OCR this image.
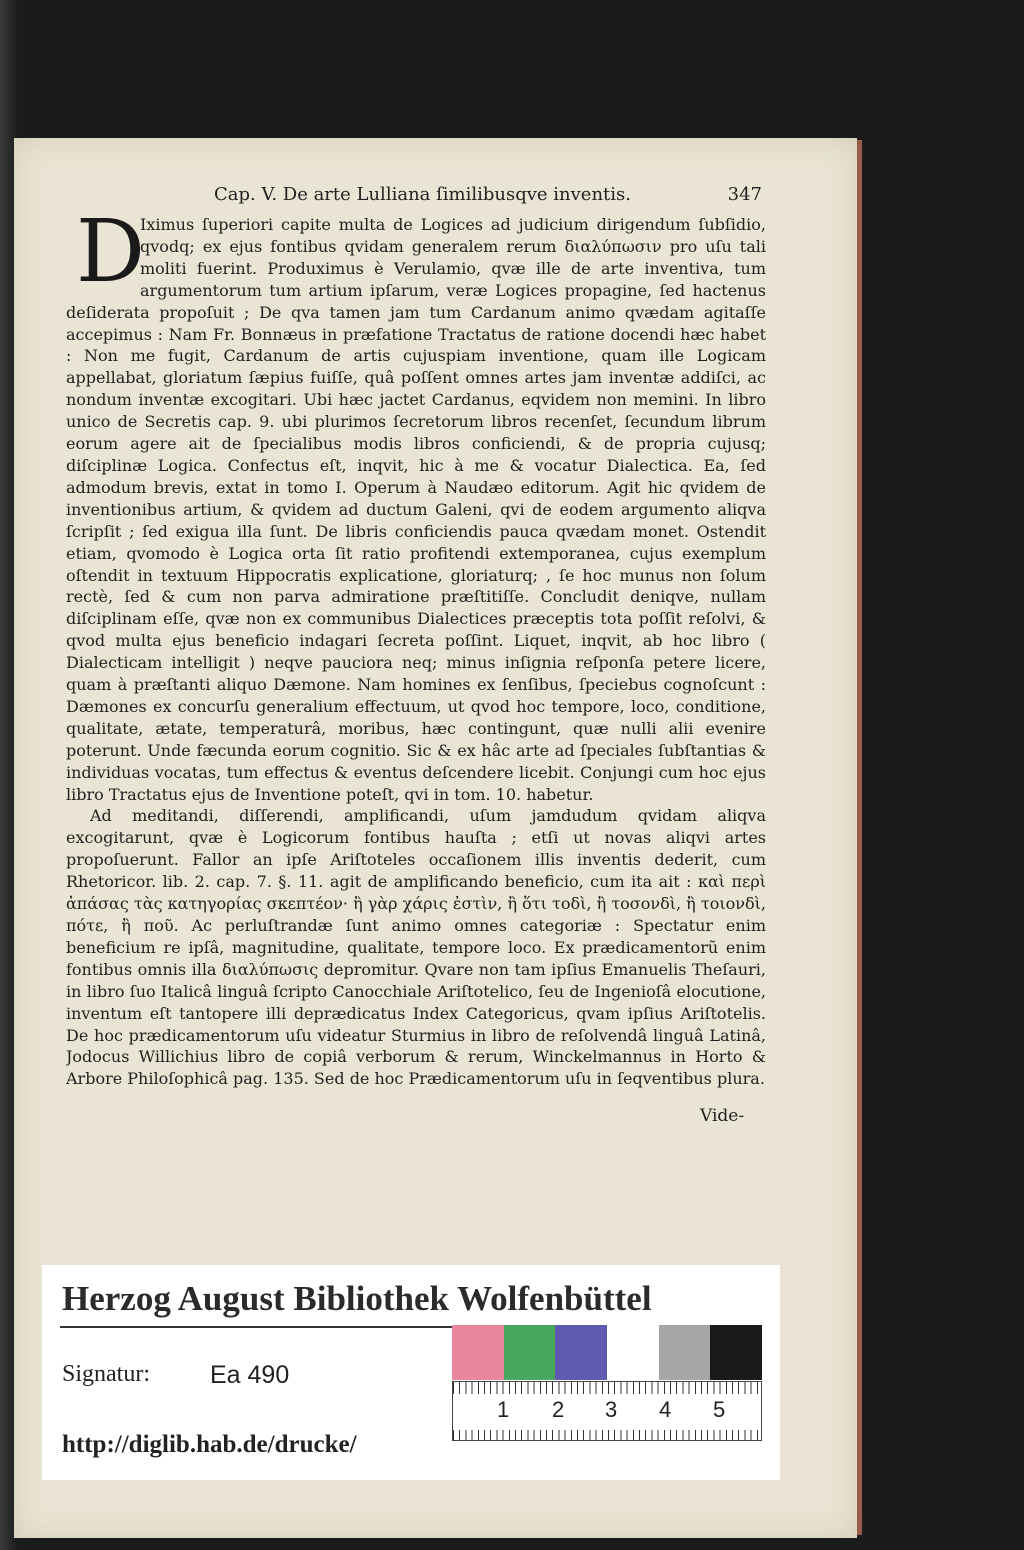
Cap. V. De arte Lulliana ſimilibusqve inventis.	347
D

Iximus ſuperiori capite multa de Logices ad judicium dirigendum ſubſidio, qvodq; ex ejus fontibus qvidam generalem rerum διαλύπωσιν pro uſu tali moliti fuerint. Produximus è Verulamio, qvæ ille de arte inventiva, tum argumentorum tum artium ipſarum, veræ Logices propagine, ſed hactenus deſiderata propoſuit ; De qva tamen jam tum Cardanum animo qvædam agitaſſe accepimus : Nam Fr. Bonnæus in præfatione Tractatus de ratione docendi hæc habet : Non me fugit, Cardanum de artis cujuspiam inventione, quam ille Logicam appellabat, gloriatum ſæpius fuiſſe, quâ poſſent omnes artes jam inventæ addiſci, ac nondum inventæ excogitari. Ubi hæc jactet Cardanus, eqvidem non memini. In libro unico de Secretis cap. 9. ubi plurimos ſecretorum libros recenſet, ſecundum librum eorum agere ait de ſpecialibus modis libros conficiendi, & de propria cujusq; diſciplinæ Logica. Confectus eſt, inqvit, hic à me & vocatur Dialectica. Ea, ſed admodum brevis, extat in tomo I. Operum à Naudæo editorum. Agit hic qvidem de inventionibus artium, & qvidem ad ductum Galeni, qvi de eodem argumento aliqva ſcripſit ; ſed exigua illa ſunt. De libris conficiendis pauca qvædam monet. Ostendit etiam, qvomodo è Logica orta ſit ratio profitendi extemporanea, cujus exemplum oſtendit in textuum Hippocratis explicatione, gloriaturq; , ſe hoc munus non ſolum rectè, ſed & cum non parva admiratione præſtitiſſe. Concludit deniqve, nullam diſciplinam eſſe, qvæ non ex communibus Dialectices præceptis tota poſſit reſolvi, & qvod multa ejus beneficio indagari ſecreta poſſint. Liquet, inqvit, ab hoc libro ( Dialecticam intelligit ) neqve pauciora neq; minus inſignia reſponſa petere licere, quam à præſtanti aliquo Dæmone. Nam homines ex ſenſibus, ſpeciebus cognoſcunt : Dæmones ex concurſu generalium effectuum, ut qvod hoc tempore, loco, conditione, qualitate, ætate, temperaturâ, moribus, hæc contingunt, quæ nulli alii evenire poterunt. Unde fæcunda eorum cognitio. Sic & ex hâc arte ad ſpeciales ſubſtantias & individuas vocatas, tum effectus & eventus deſcendere licebit. Conjungi cum hoc ejus libro Tractatus ejus de Inventione poteſt, qvi in tom. 10. habetur.

Ad meditandi, diſſerendi, amplificandi, uſum jamdudum qvidam aliqva excogitarunt, qvæ è Logicorum fontibus hauſta ; etſi ut novas aliqvi artes propoſuerunt. Fallor an ipſe Ariſtoteles occaſionem illis inventis dederit, cum Rhetoricor. lib. 2. cap. 7. §. 11. agit de amplificando beneficio, cum ita ait : καὶ περὶ ἁπάσας τὰς κατηγορίας σκεπτέον· ἢ γὰρ χάρις ἐστὶν, ἢ ὅτι τοδὶ, ἢ τοσονδὶ, ἢ τοιονδὶ, πότε, ἢ πoῦ. Ac perluſtrandæ ſunt animo omnes categoriæ : Spectatur enim beneficium re ipſâ, magnitudine, qualitate, tempore loco. Ex prædicamentorũ enim fontibus omnis illa διαλύπωσις depromitur. Qvare non tam ipſius Emanuelis Theſauri, in libro ſuo Italicâ linguâ ſcripto Canocchiale Ariſtotelico, ſeu de Ingenioſâ elocutione, inventum eſt tantopere illi deprædicatus Index Categoricus, qvam ipſius Ariſtotelis. De hoc prædicamentorum uſu videatur Sturmius in libro de reſolvendâ linguâ Latinâ, Jodocus Willichius libro de copiâ verborum & rerum, Winckelmannus in Horto & Arbore Philoſophicâ pag. 135. Sed de hoc Prædicamentorum uſu in ſeqventibus plura.

Vide-
Herzog August Bibliothek Wolfenbüttel
Signatur: Ea 490
http://diglib.hab.de/drucke/
1 2 3 4 5
